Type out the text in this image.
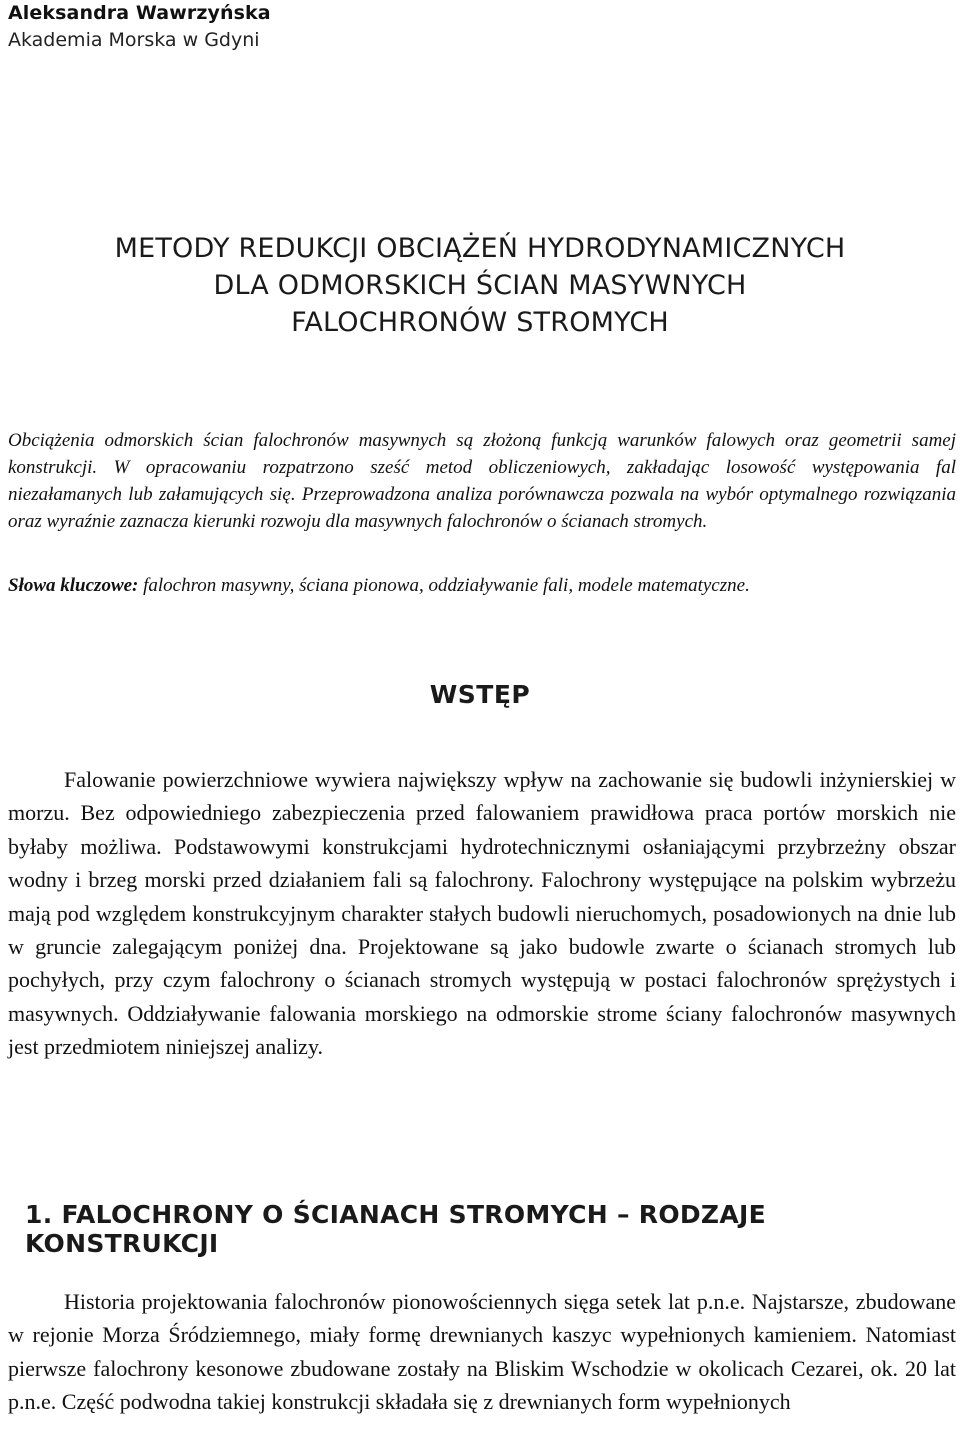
Aleksandra Wawrzyńska
Akademia Morska w Gdyni
METODY REDUKCJI OBCIĄŻEŃ HYDRODYNAMICZNYCH
DLA ODMORSKICH ŚCIAN MASYWNYCH
FALOCHRONÓW STROMYCH

Obciążenia odmorskich ścian falochronów masywnych są złożoną funkcją warunków falowych oraz geometrii samej konstrukcji. W opracowaniu rozpatrzono sześć metod obliczeniowych, zakładając losowość występowania fal niezałamanych lub załamujących się. Przeprowadzona analiza porównawcza pozwala na wybór optymalnego rozwiązania oraz wyraźnie zaznacza kierunki rozwoju dla masywnych falochronów o ścianach stromych.

Słowa kluczowe: falochron masywny, ściana pionowa, oddziaływanie fali, modele matematyczne.
WSTĘP

Falowanie powierzchniowe wywiera największy wpływ na zachowanie się budowli inżynierskiej w morzu. Bez odpowiedniego zabezpieczenia przed falowaniem prawidłowa praca portów morskich nie byłaby możliwa. Podstawowymi konstrukcjami hydrotechnicznymi osłaniającymi przybrzeżny obszar wodny i brzeg morski przed działaniem fali są falochrony. Falochrony występujące na polskim wybrzeżu mają pod względem konstrukcyjnym charakter stałych budowli nieruchomych, posadowionych na dnie lub w gruncie zalegającym poniżej dna. Projektowane są jako budowle zwarte o ścianach stromych lub pochyłych, przy czym falochrony o ścianach stromych występują w postaci falochronów sprężystych i masywnych. Oddziaływanie falowania morskiego na odmorskie strome ściany falochronów masywnych jest przedmiotem niniejszej analizy.

1. FALOCHRONY O ŚCIANACH STROMYCH – RODZAJE KONSTRUKCJI

Historia projektowania falochronów pionowościennych sięga setek lat p.n.e. Najstarsze, zbudowane w rejonie Morza Śródziemnego, miały formę drewnianych kaszyc wypełnionych kamieniem. Natomiast pierwsze falochrony kesonowe zbudowane zostały na Bliskim Wschodzie w okolicach Cezarei, ok. 20 lat p.n.e. Część podwodna takiej konstrukcji składała się z drewnianych form wypełnionych
